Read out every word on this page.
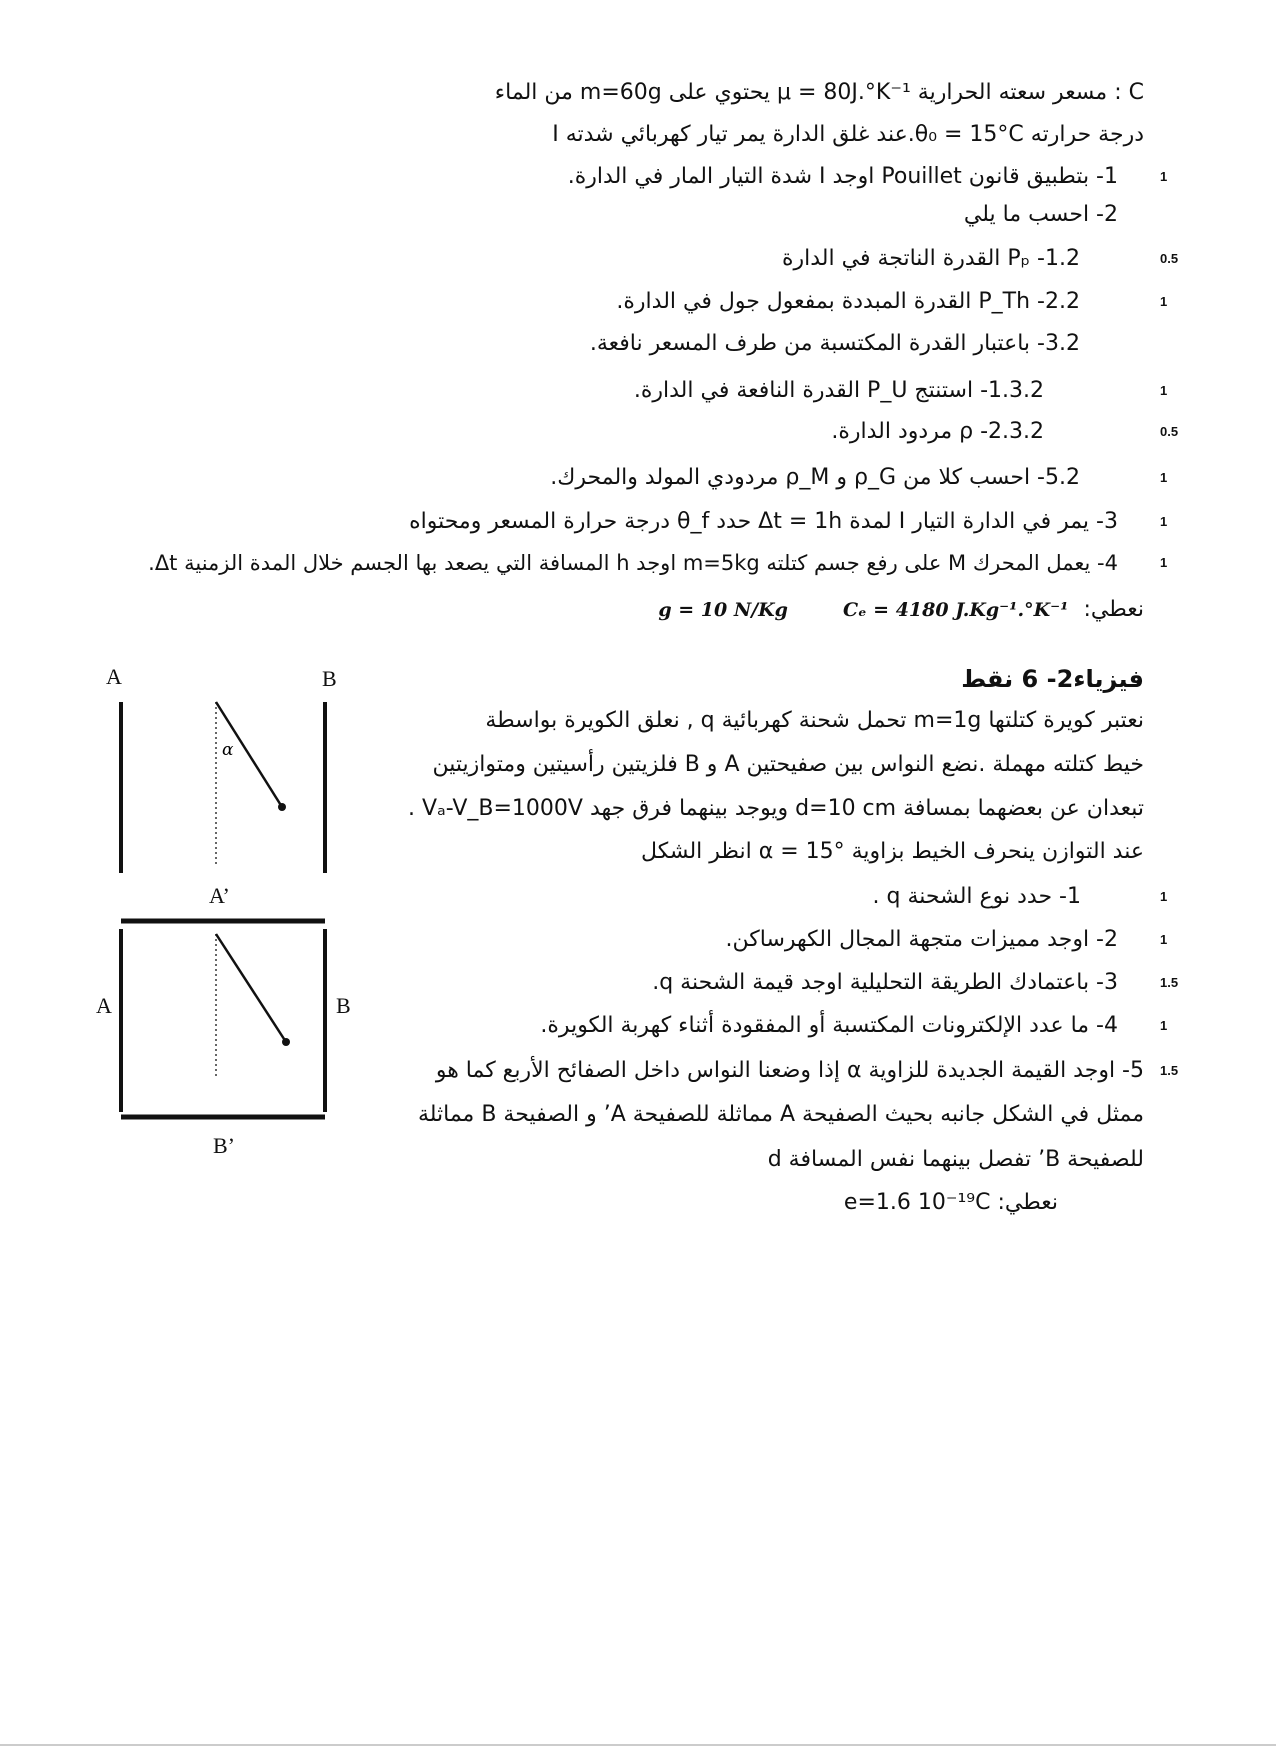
C : مسعر سعته الحرارية μ = 80J.°K⁻¹ يحتوي على m=60g من الماء
درجة حرارته θ₀ = 15°C.عند غلق الدارة يمر تيار كهربائي شدته I
1- بتطبيق قانون Pouillet اوجد I شدة التيار المار في الدارة.	1
2- احسب ما يلي
1.2- Pₚ القدرة الناتجة في الدارة	0.5
2.2- P_Th القدرة المبددة بمفعول جول في الدارة.	1
3.2- باعتبار القدرة المكتسبة من طرف المسعر نافعة.
1.3.2- استنتج P_U القدرة النافعة في الدارة.	1
2.3.2- ρ مردود الدارة.	0.5
5.2- احسب كلا من ρ_G و ρ_M مردودي المولد والمحرك.	1
3- يمر في الدارة التيار I لمدة Δt = 1h حدد θ_f درجة حرارة المسعر ومحتواه	1
4- يعمل المحرك M على رفع جسم كتلته m=5kg اوجد h المسافة التي يصعد بها الجسم خلال المدة الزمنية Δt.	1
نعطي: Cₑ = 4180 J.Kg⁻¹.°K⁻¹ g = 10 N/Kg
فيزياء2- 6 نقط
نعتبر كويرة كتلتها m=1g تحمل شحنة كهربائية q , نعلق الكويرة بواسطة
خيط كتلته مهملة .نضع النواس بين صفيحتين A و B فلزيتين رأسيتين ومتوازيتين
تبعدان عن بعضهما بمسافة d=10 cm ويوجد بينهما فرق جهد Vₐ-V_B=1000V .
عند التوازن ينحرف الخيط بزاوية α = 15° انظر الشكل
1- حدد نوع الشحنة q .	1
2- اوجد مميزات متجهة المجال الكهرساكن.	1
3- باعتمادك الطريقة التحليلية اوجد قيمة الشحنة q.	1.5
4- ما عدد الإلكترونات المكتسبة أو المفقودة أثناء كهربة الكويرة.	1
5- اوجد القيمة الجديدة للزاوية α إذا وضعنا النواس داخل الصفائح الأربع كما هو 1.5
ممثل في الشكل جانبه بحيث الصفيحة A مماثلة للصفيحة A’ و الصفيحة B مماثلة
للصفيحة B’ تفصل بينهما نفس المسافة d
نعطي: e=1.6 10⁻¹⁹C
A	B
α
A’
A	B
B’
